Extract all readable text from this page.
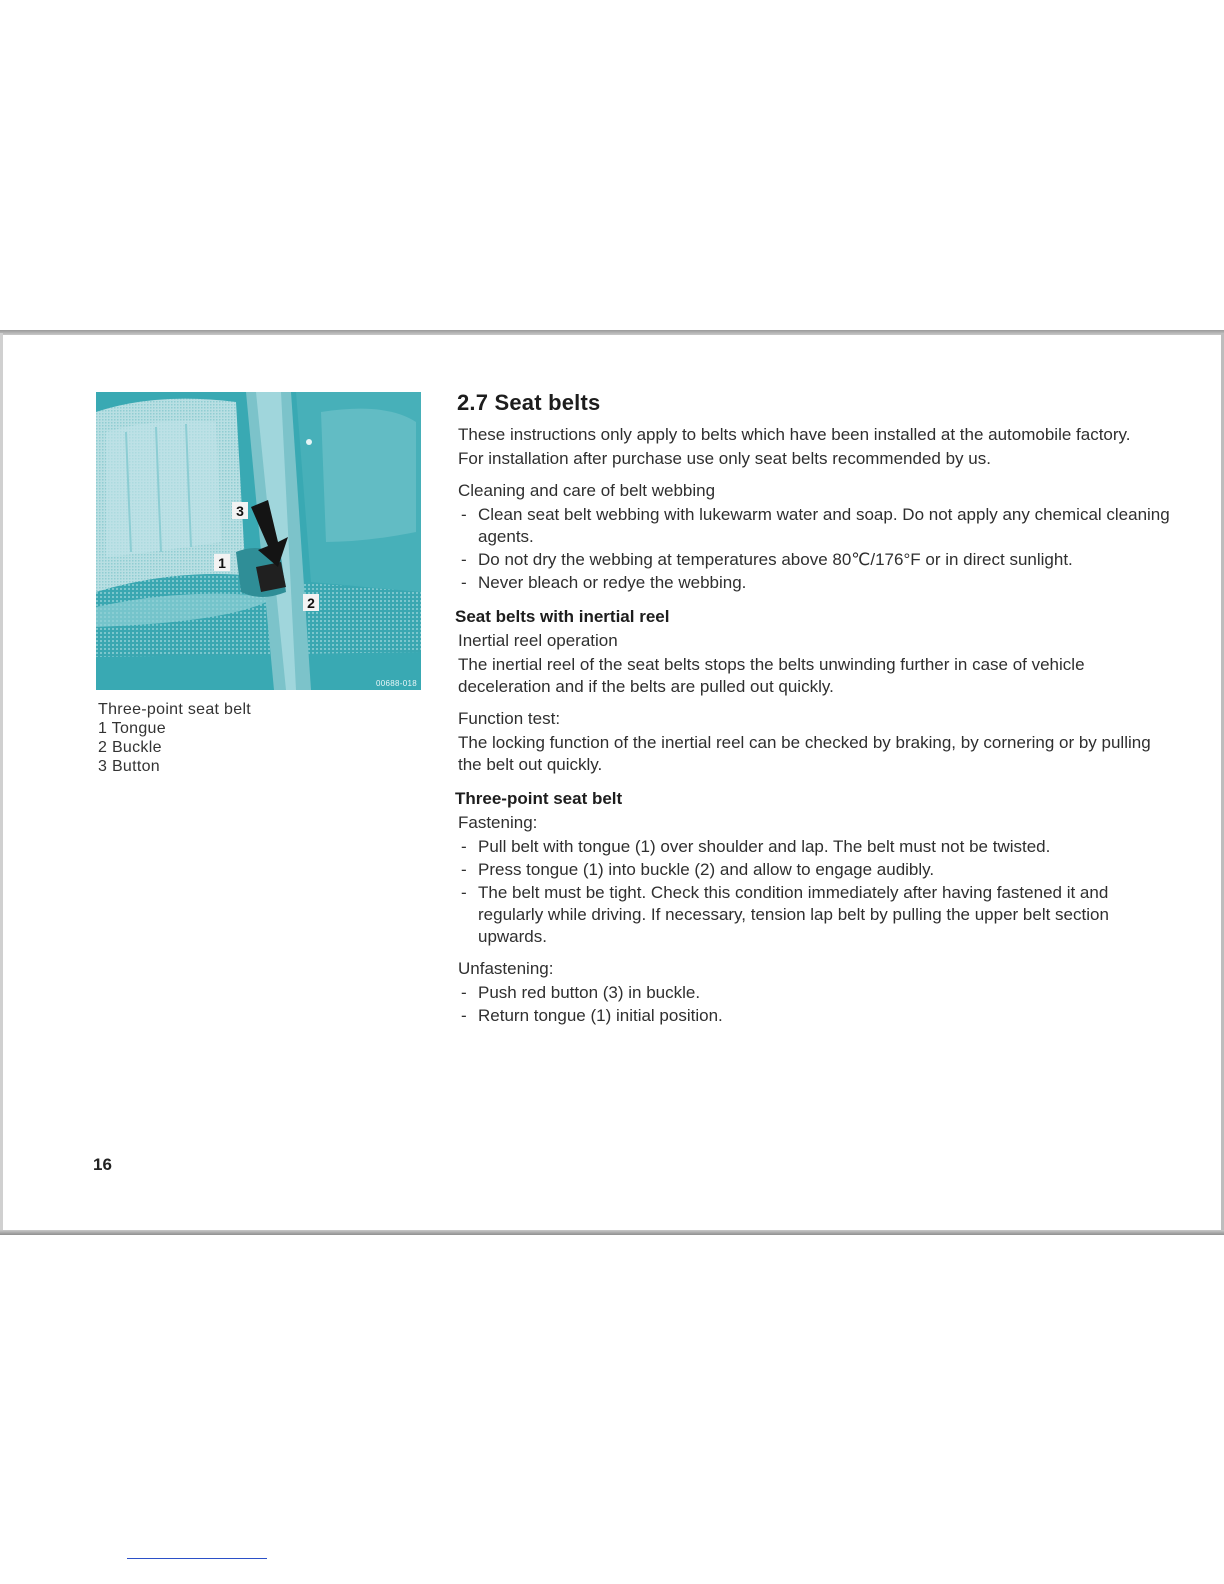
3
1
2
00688-018
Three-point seat belt
1 Tongue
2 Buckle
3 Button
2.7 Seat belts

These instructions only apply to belts which have been installed at the automobile factory.

For installation after purchase use only seat belts recommended by us.

Cleaning and care of belt webbing

- Clean seat belt webbing with lukewarm water and soap. Do not apply any chemical cleaning agents.
- Do not dry the webbing at temperatures above 80℃/176°F or in direct sunlight.
- Never bleach or redye the webbing.
Seat belts with inertial reel

Inertial reel operation

The inertial reel of the seat belts stops the belts unwinding further in case of vehicle deceleration and if the belts are pulled out quickly.

Function test:

The locking function of the inertial reel can be checked by braking, by cornering or by pulling the belt out quickly.

Three-point seat belt

Fastening:

- Pull belt with tongue (1) over shoulder and lap. The belt must not be twisted.
- Press tongue (1) into buckle (2) and allow to engage audibly.
- The belt must be tight. Check this condition immediately after having fastened it and regularly while driving. If necessary, tension lap belt by pulling the upper belt section upwards.

Unfastening:

- Push red button (3) in buckle.
- Return tongue (1) initial position.
16
